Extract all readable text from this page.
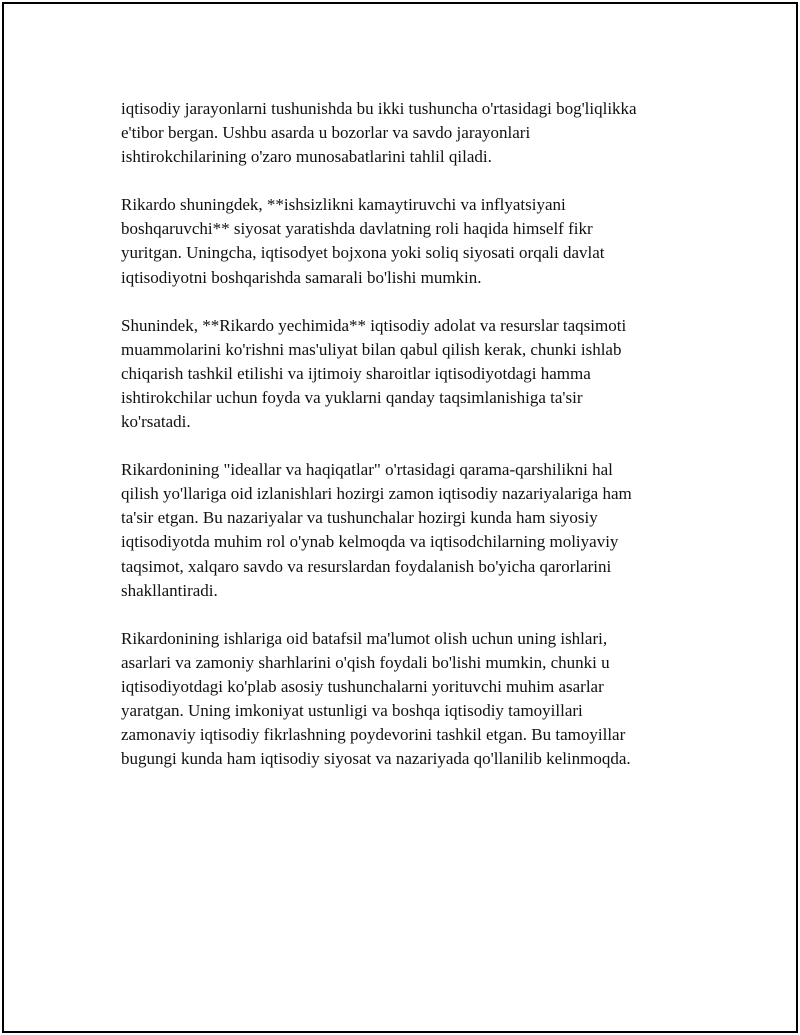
iqtisodiy jarayonlarni tushunishda bu ikki tushuncha o'rtasidagi bog'liqlikka
e'tibor bergan. Ushbu asarda u bozorlar va savdo jarayonlari
ishtirokchilarining o'zaro munosabatlarini tahlil qiladi.

Rikardo shuningdek, **ishsizlikni kamaytiruvchi va inflyatsiyani
boshqaruvchi** siyosat yaratishda davlatning roli haqida himself fikr
yuritgan. Uningcha, iqtisodyet bojxona yoki soliq siyosati orqali davlat
iqtisodiyotni boshqarishda samarali bo'lishi mumkin.

Shunindek, **Rikardo yechimida** iqtisodiy adolat va resurslar taqsimoti
muammolarini ko'rishni mas'uliyat bilan qabul qilish kerak, chunki ishlab
chiqarish tashkil etilishi va ijtimoiy sharoitlar iqtisodiyotdagi hamma
ishtirokchilar uchun foyda va yuklarni qanday taqsimlanishiga ta'sir
ko'rsatadi.

Rikardonining "ideallar va haqiqatlar" o'rtasidagi qarama-qarshilikni hal
qilish yo'llariga oid izlanishlari hozirgi zamon iqtisodiy nazariyalariga ham
ta'sir etgan. Bu nazariyalar va tushunchalar hozirgi kunda ham siyosiy
iqtisodiyotda muhim rol o'ynab kelmoqda va iqtisodchilarning moliyaviy
taqsimot, xalqaro savdo va resurslardan foydalanish bo'yicha qarorlarini
shakllantiradi.

Rikardonining ishlariga oid batafsil ma'lumot olish uchun uning ishlari,
asarlari va zamoniy sharhlarini o'qish foydali bo'lishi mumkin, chunki u
iqtisodiyotdagi ko'plab asosiy tushunchalarni yorituvchi muhim asarlar
yaratgan. Uning imkoniyat ustunligi va boshqa iqtisodiy tamoyillari
zamonaviy iqtisodiy fikrlashning poydevorini tashkil etgan. Bu tamoyillar
bugungi kunda ham iqtisodiy siyosat va nazariyada qo'llanilib kelinmoqda.
